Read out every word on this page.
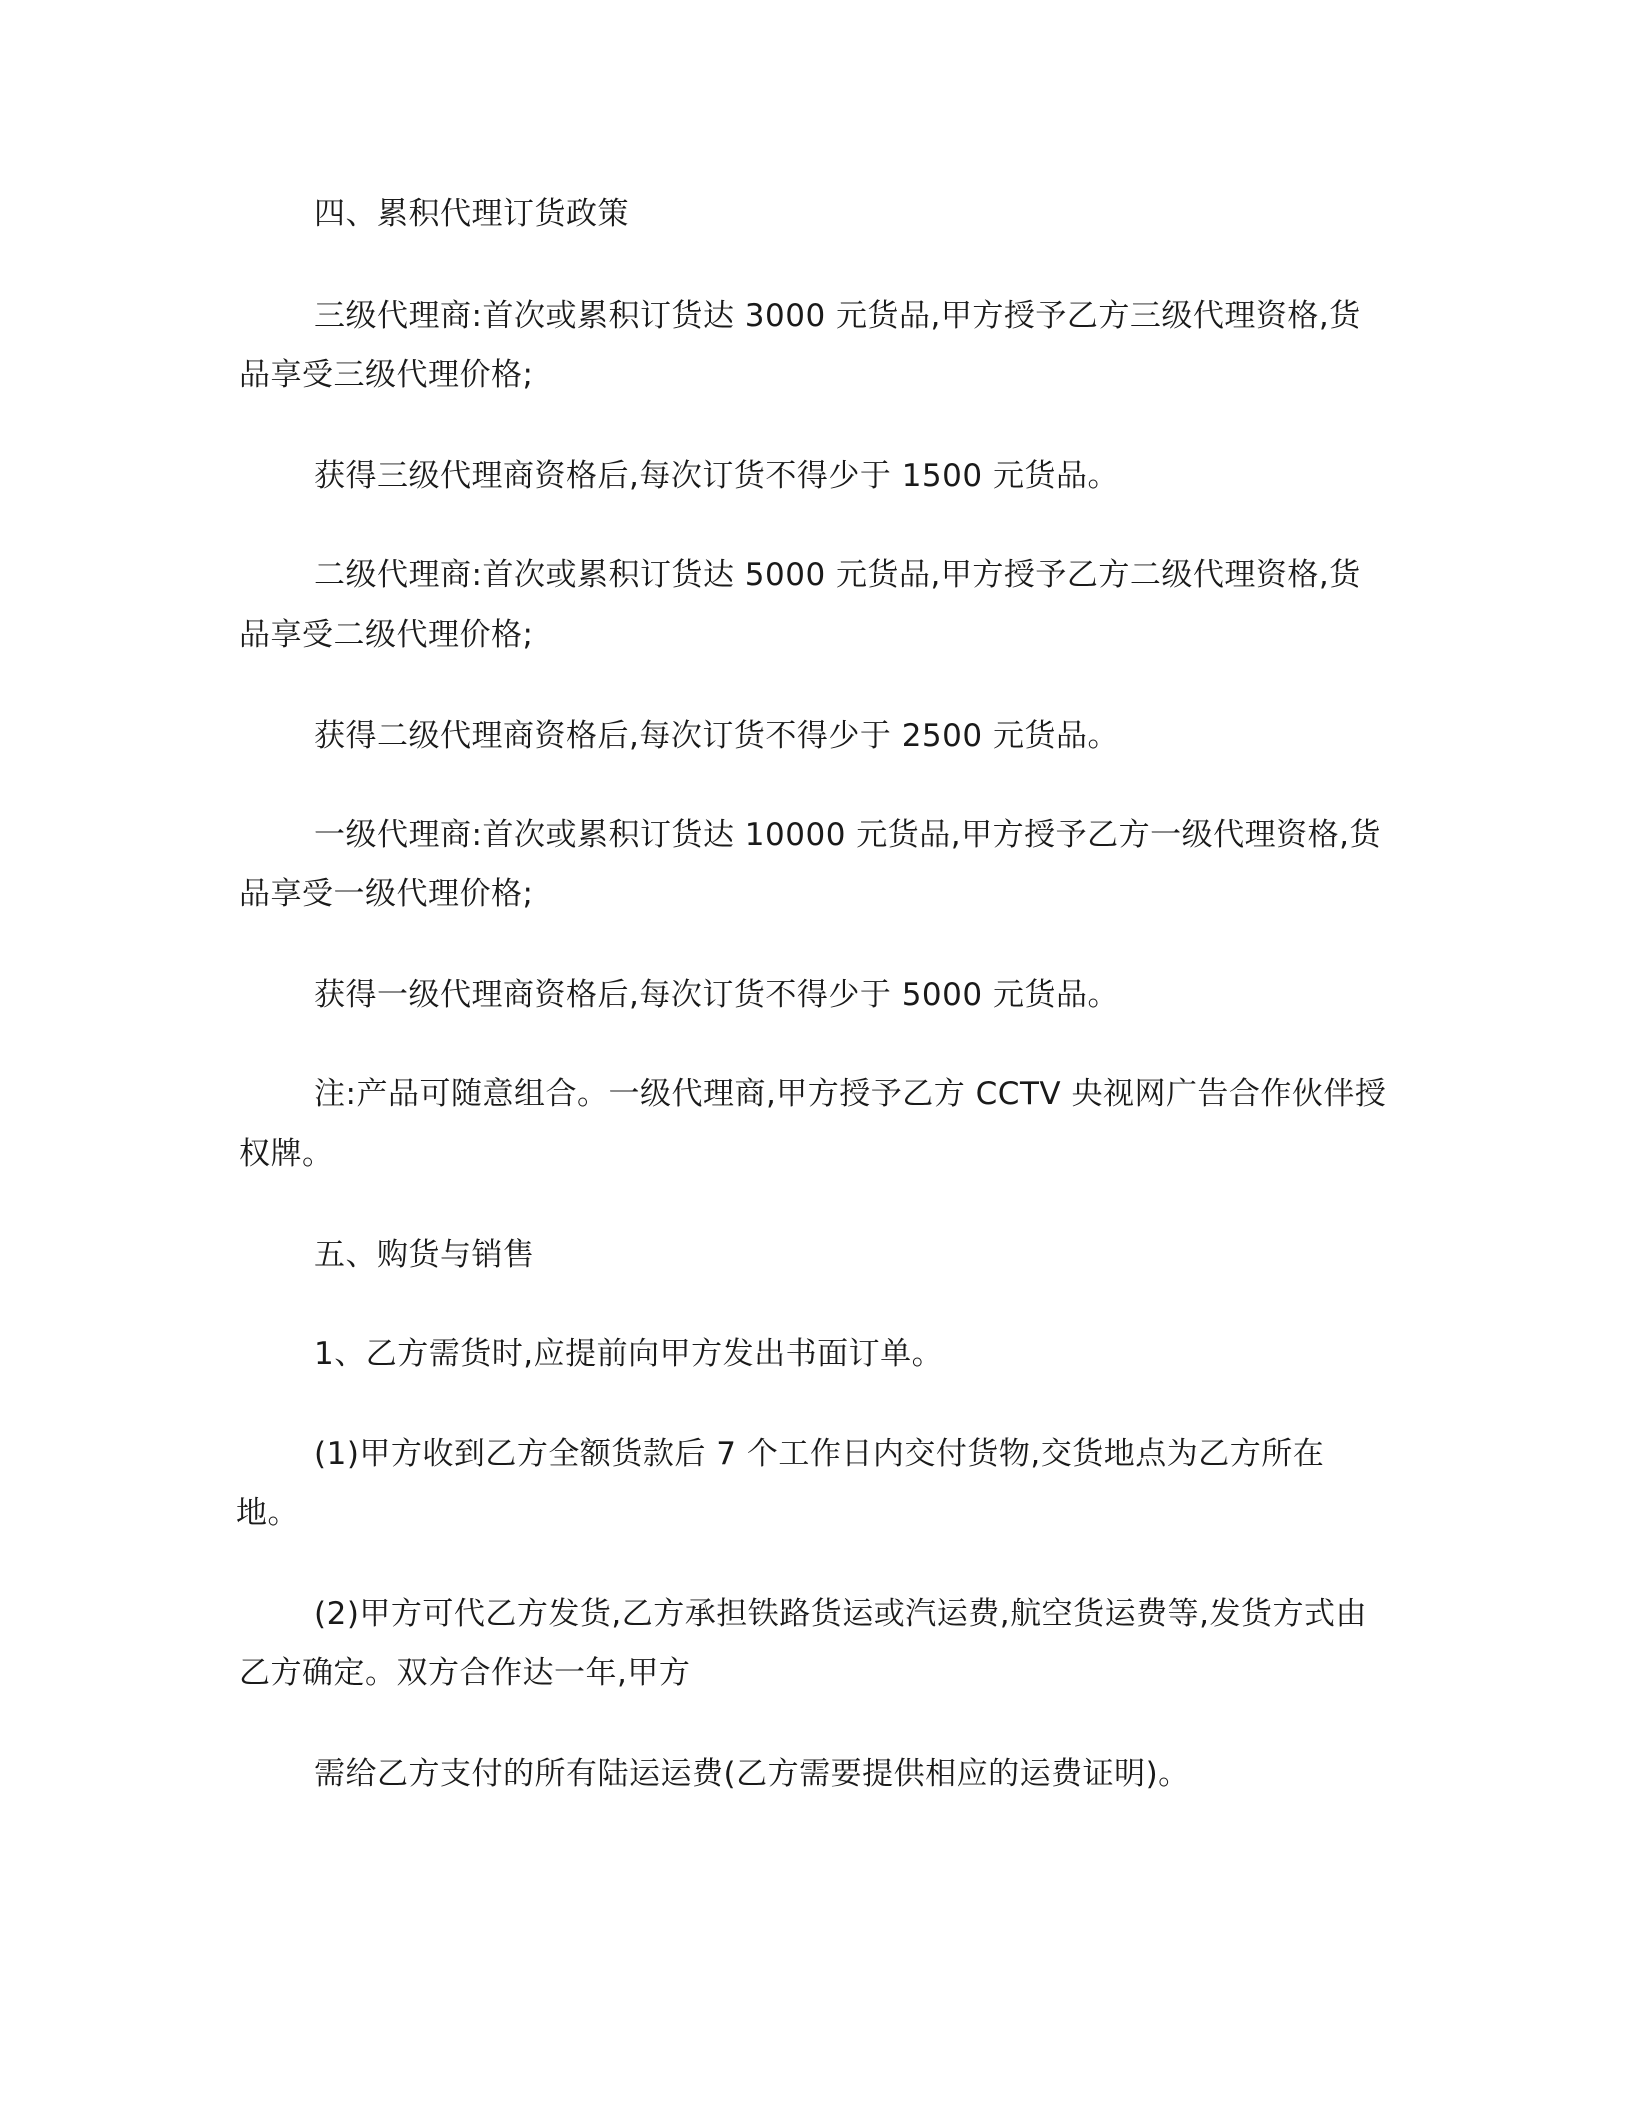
四、累积代理订货政策
三级代理商:首次或累积订货达 3000 元货品,甲方授予乙方三级代理资格,货
品享受三级代理价格;
获得三级代理商资格后,每次订货不得少于 1500 元货品。
二级代理商:首次或累积订货达 5000 元货品,甲方授予乙方二级代理资格,货
品享受二级代理价格;
获得二级代理商资格后,每次订货不得少于 2500 元货品。
一级代理商:首次或累积订货达 10000 元货品,甲方授予乙方一级代理资格,货
品享受一级代理价格;
获得一级代理商资格后,每次订货不得少于 5000 元货品。
注:产品可随意组合。一级代理商,甲方授予乙方 CCTV 央视网广告合作伙伴授
权牌。
五、购货与销售
1、乙方需货时,应提前向甲方发出书面订单。
(1)甲方收到乙方全额货款后 7 个工作日内交付货物,交货地点为乙方所在
地。
(2)甲方可代乙方发货,乙方承担铁路货运或汽运费,航空货运费等,发货方式由
乙方确定。双方合作达一年,甲方
需给乙方支付的所有陆运运费(乙方需要提供相应的运费证明)。
